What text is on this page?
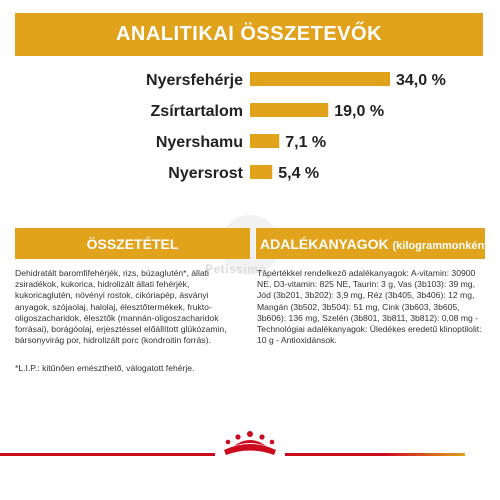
ANALITIKAI ÖSSZETEVŐK
Nyersfehérje	34,0 %
Zsírtartalom	19,0 %
Nyershamu	7,1 %
Nyersrost 5,4 %
Petissimo
ÖSSZETÉTEL	ADALÉKANYAGOK (kilogrammonként)
Dehidratált baromfifehérjék, rizs, búzaglutén*, állati zsiradékok, kukorica, hidrolizált állati fehérjék, kukoricaglutén, növényi rostok, cikóriapép, ásványi anyagok, szójaolaj, halolaj, élesztőtermékek, frukto-oligoszacharidok, élesztők (mannán-oligoszacharidok forrásai), borágóolaj, erjesztéssel előállított glükózamin, bársonyvirág por, hidrolizált porc (kondroitin forrás).
*L.I.P.: kitűnően emészthető, válogatott fehérje.
Tápértékkel rendelkező adalékanyagok: A-vitamin: 30900 NE, D3-vitamin: 825 NE, Taurin: 3 g, Vas (3b103): 39 mg, Jód (3b201, 3b202): 3,9 mg, Réz (3b405, 3b406): 12 mg, Mangán (3b502, 3b504): 51 mg, Cink (3b603, 3b605, 3b606): 136 mg, Szelén (3b801, 3b811, 3b812): 0,08 mg - Technológiai adalékanyagok: Üledékes eredetű klinoptilolit: 10 g - Antioxidánsok.
